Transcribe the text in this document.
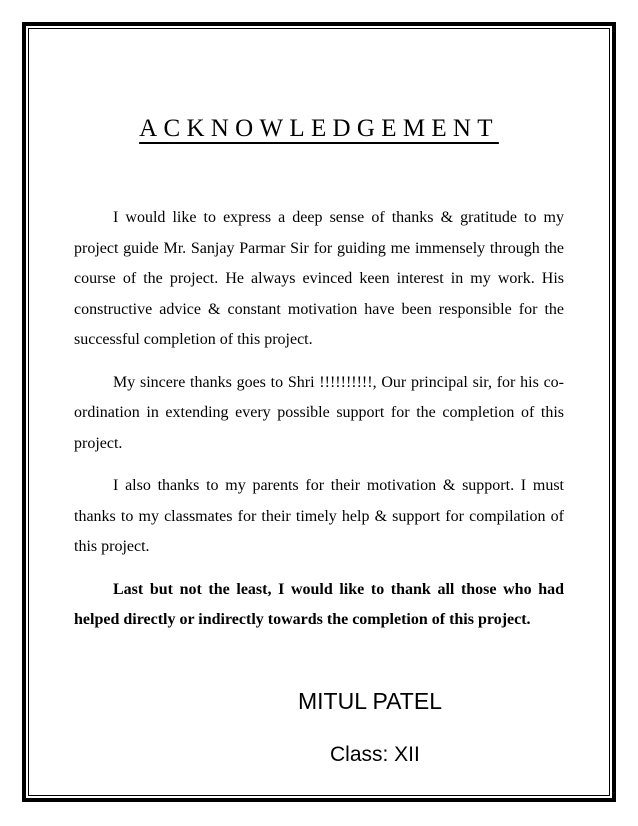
ACKNOWLEDGEMENT

I would like to express a deep sense of thanks & gratitude to my project guide Mr. Sanjay Parmar Sir for guiding me immensely through the course of the project. He always evinced keen interest in my work. His constructive advice & constant motivation have been responsible for the successful completion of this project.

My sincere thanks goes to Shri !!!!!!!!!!, Our principal sir, for his co-ordination in extending every possible support for the completion of this project.

I also thanks to my parents for their motivation & support. I must thanks to my classmates for their timely help & support for compilation of this project.

Last but not the least, I would like to thank all those who had helped directly or indirectly towards the completion of this project.

MITUL PATEL
Class: XII
